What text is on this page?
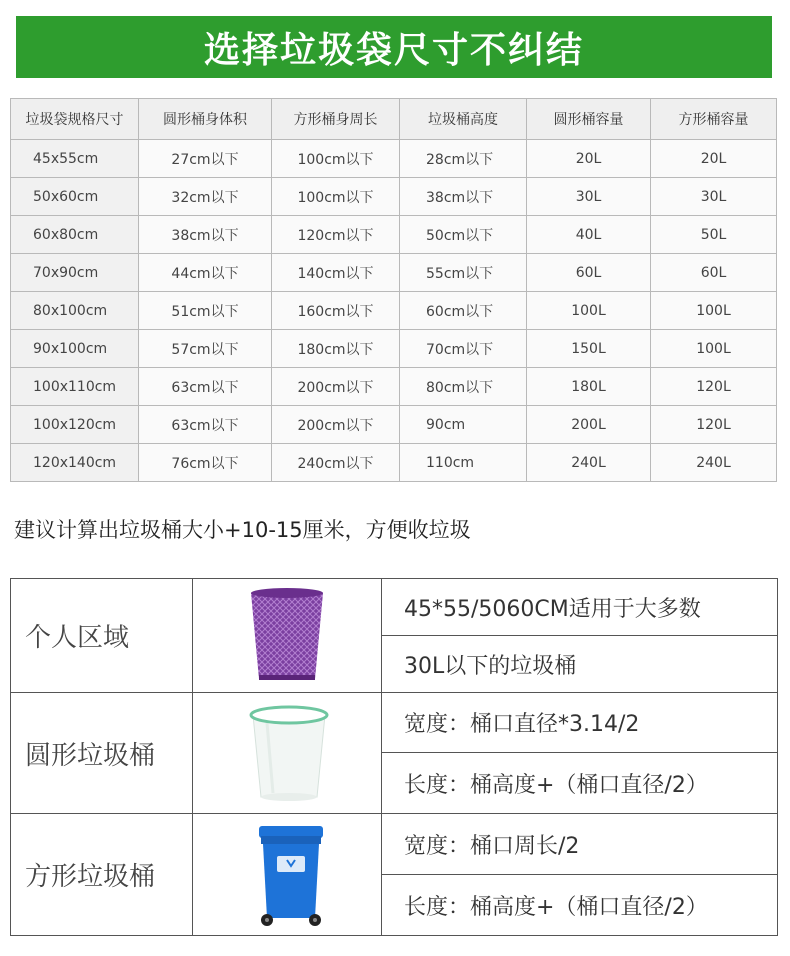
选择垃圾袋尺寸不纠结
垃圾袋规格尺寸	圆形桶身体积	方形桶身周长	垃圾桶高度	圆形桶容量	方形桶容量
45x55cm	27cm以下	100cm以下	28cm以下	20L	20L
50x60cm	32cm以下	100cm以下	38cm以下	30L	30L
60x80cm	38cm以下	120cm以下	50cm以下	40L	50L
70x90cm	44cm以下	140cm以下	55cm以下	60L	60L
80x100cm	51cm以下	160cm以下	60cm以下	100L	100L
90x100cm	57cm以下	180cm以下	70cm以下	150L	100L
100x110cm	63cm以下	200cm以下	80cm以下	180L	120L
100x120cm	63cm以下	200cm以下	90cm	200L	120L
120x140cm	76cm以下	240cm以下	110cm	240L	240L
建议计算出垃圾桶大小+10-15厘米，方便收垃圾
个人区域
45*55/5060CM适用于大多数
30L以下的垃圾桶
圆形垃圾桶
宽度：桶口直径*3.14/2
长度：桶高度+（桶口直径/2）
方形垃圾桶
宽度：桶口周长/2
长度：桶高度+（桶口直径/2）
